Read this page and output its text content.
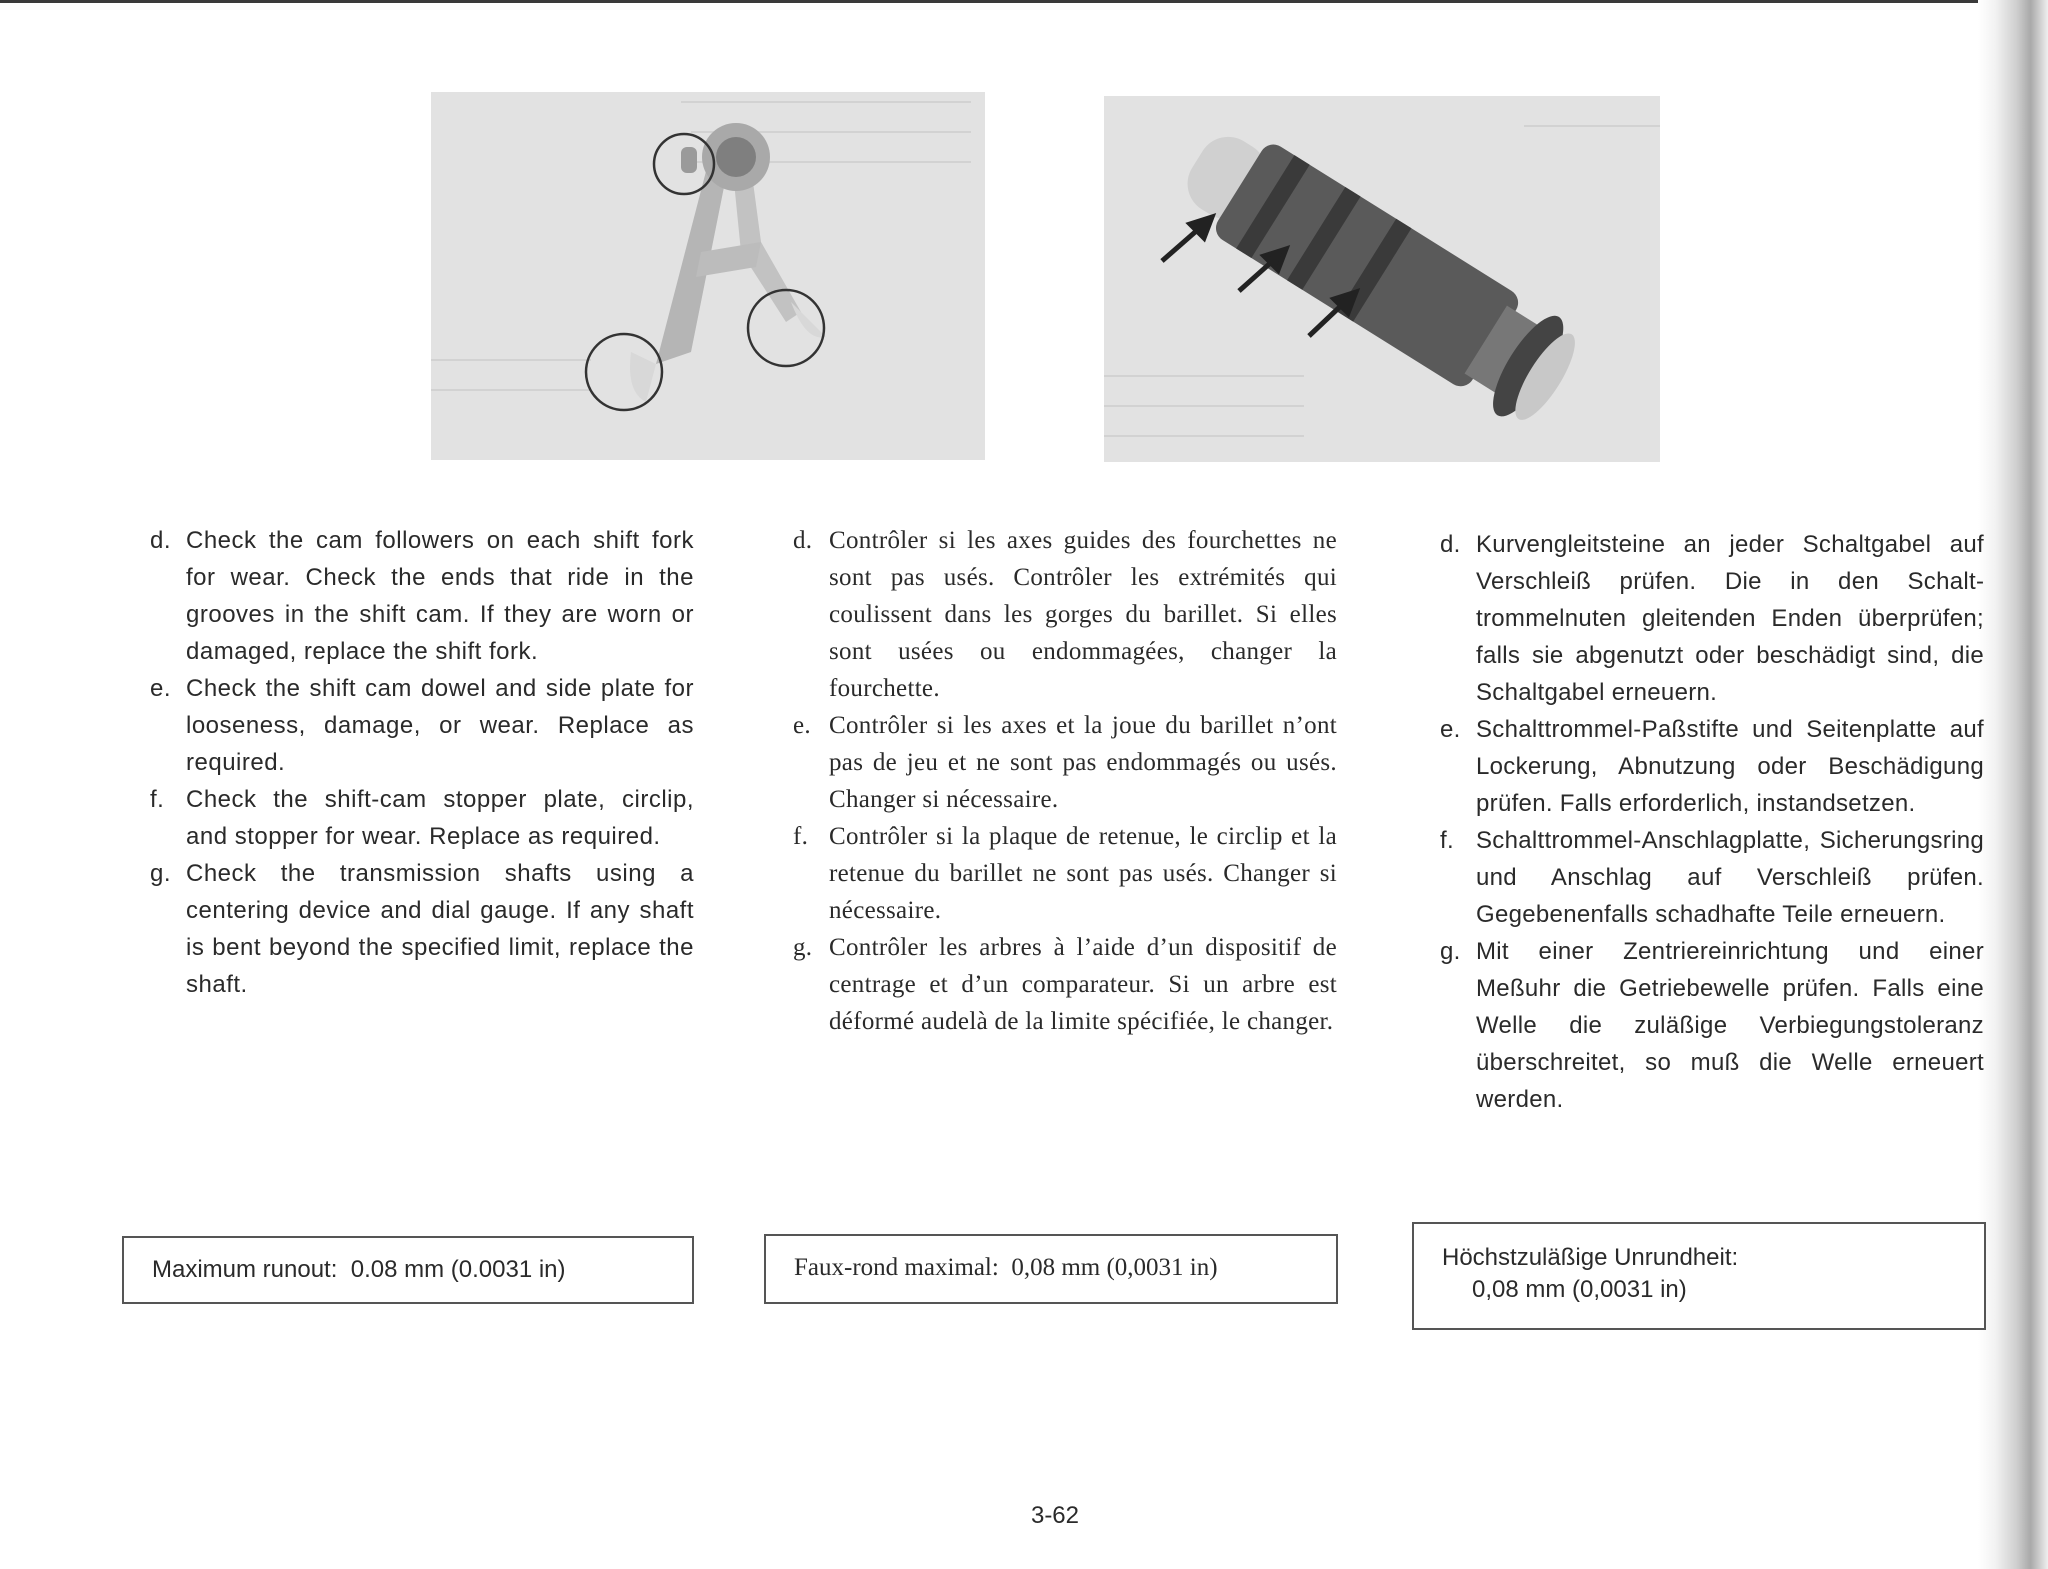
d. Check the cam followers on each shift fork for wear. Check the ends that ride in the grooves in the shift cam. If they are worn or damaged, replace the shift fork.
e. Check the shift cam dowel and side plate for looseness, damage, or wear. Replace as required.
f. Check the shift-cam stopper plate, circlip, and stopper for wear. Replace as required.
g. Check the transmission shafts using a centering device and dial gauge. If any shaft is bent beyond the specified limit, replace the shaft.
d. Contrôler si les axes guides des fourchettes ne sont pas usés. Contrôler les extrémités qui coulissent dans les gorges du barillet. Si elles sont usées ou endommagées, changer la fourchette.
e. Contrôler si les axes et la joue du barillet n’ont pas de jeu et ne sont pas endommagés ou usés. Changer si nécessaire.
f. Contrôler si la plaque de retenue, le circlip et la retenue du barillet ne sont pas usés. Changer si nécessaire.
g. Contrôler les arbres à l’aide d’un dispositif de centrage et d’un comparateur. Si un arbre est déformé audelà de la limite spécifiée, le changer.
d. Kurvengleitsteine an jeder Schaltgabel auf Verschleiß prüfen. Die in den Schalttrommelnuten gleitenden Enden überprüfen; falls sie abgenutzt oder beschädigt sind, die Schaltgabel erneuern.
e. Schalttrommel-Paßstifte und Seitenplatte auf Lockerung, Abnutzung oder Beschädigung prüfen. Falls erforderlich, instandsetzen.
f. Schalttrommel-Anschlagplatte, Sicherungsring und Anschlag auf Verschleiß prüfen. Gegebenenfalls schadhafte Teile erneuern.
g. Mit einer Zentriereinrichtung und einer Meßuhr die Getriebewelle prüfen. Falls eine Welle die zuläßige Verbiegungstoleranz überschreitet, so muß die Welle erneuert werden.
Maximum runout: 0.08 mm (0.0031 in)	Faux-rond maximal: 0,08 mm (0,0031 in)	Höchstzuläßige Unrundheit:
0,08 mm (0,0031 in)
3-62
